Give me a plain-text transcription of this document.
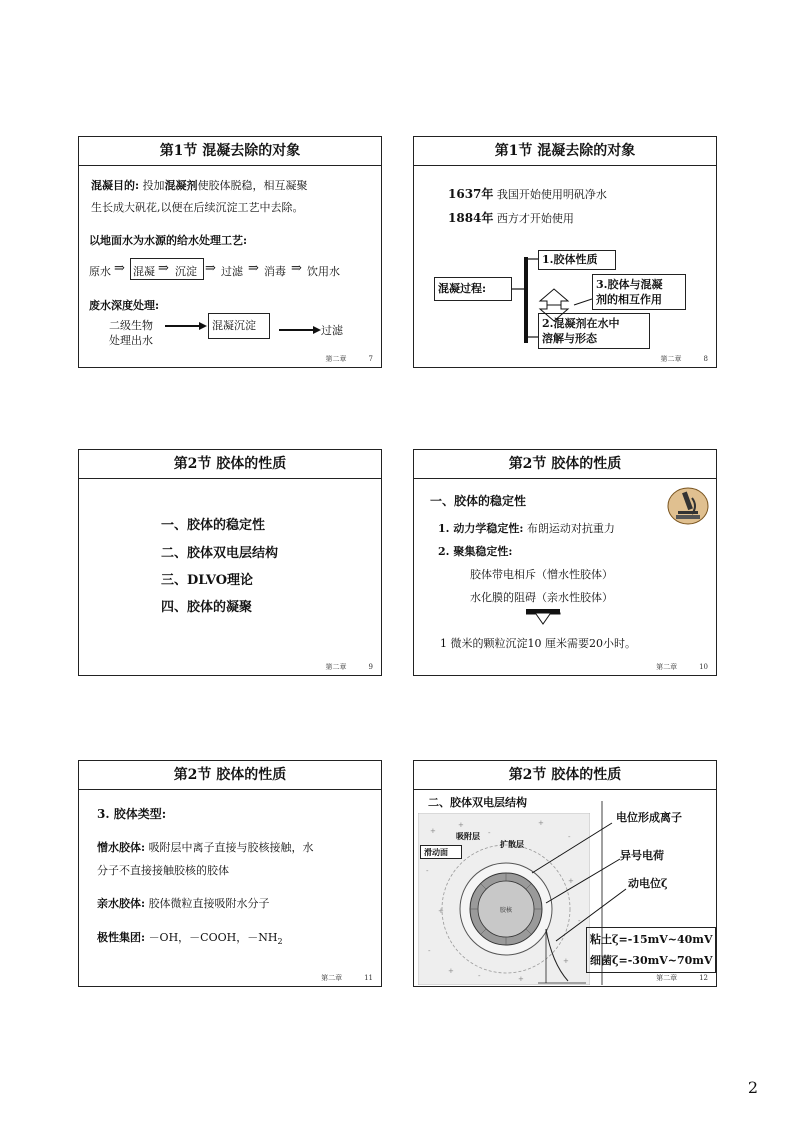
第1节 混凝去除的对象
混凝目的: 投加混凝剂使胶体脱稳，相互凝聚
生长成大矾花,以便在后续沉淀工艺中去除。
以地面水为水源的给水处理工艺:
原水 ⇒ 混凝 ⇒ 沉淀 ⇒ 过滤 ⇒ 消毒 ⇒ 饮用水
废水深度处理:
二级生物
处理出水
混凝沉淀	过滤
第二章	7
第1节 混凝去除的对象
1637年 我国开始使用明矾净水
1884年 西方才开始使用
混凝过程:
1.胶体性质
3.胶体与混凝
剂的相互作用
2.混凝剂在水中
溶解与形态
第二章	8
第2节 胶体的性质
一、胶体的稳定性
二、胶体双电层结构
三、DLVO理论
四、胶体的凝聚
第二章	9
第2节 胶体的性质
一、胶体的稳定性
1. 动力学稳定性: 布朗运动对抗重力
2. 聚集稳定性:
胶体带电相斥（憎水性胶体）
水化膜的阻碍（亲水性胶体）
1 微米的颗粒沉淀10 厘米需要20小时。
第二章	10
第2节 胶体的性质
3. 胶体类型:
憎水胶体: 吸附层中离子直接与胶核接触，水
分子不直接接触胶核的胶体
亲水胶体: 胶体微粒直接吸附水分子
极性集团: －OH，－COOH，$-NH_2$
第二章	11
第2节 胶体的性质
二、胶体双电层结构
+
+
-
+
-
-
+
-
+
+
-
+
-	+
胶核
滑动面
吸附层
扩散层
电位形成离子
异号电荷
动电位ζ
粘土ζ=-15mV~40mV
细菌ζ=-30mV~70mV
第二章	12
2
